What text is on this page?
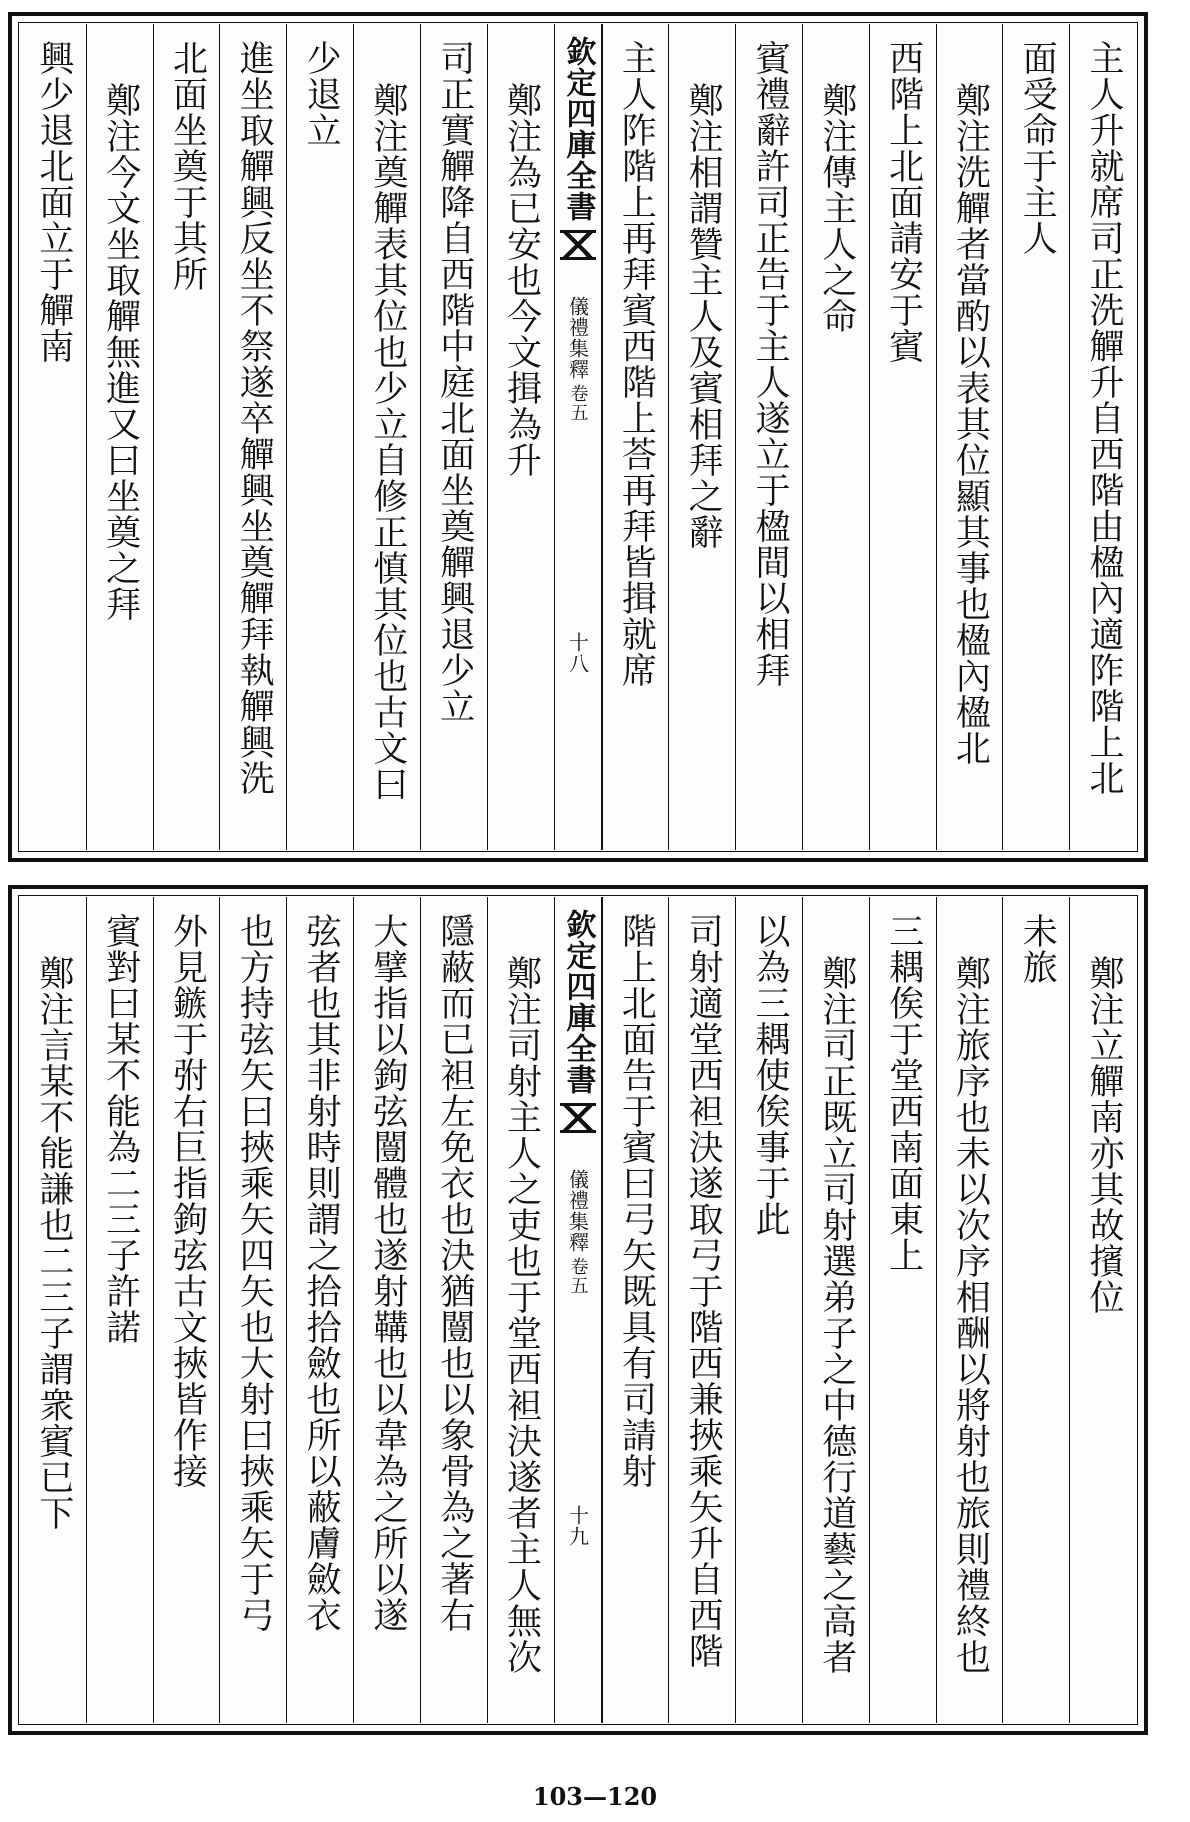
主人升就席司正洗觶升自西階由楹內適阼階上北
面受命于主人
鄭注洗觶者當酌以表其位顯其事也楹內楹北
西階上北面請安于賓
鄭注傳主人之命
賓禮辭許司正告于主人遂立于楹間以相拜
鄭注相謂贊主人及賓相拜之辭
主人阼階上再拜賓西階上荅再拜皆揖就席
欽定四庫全書
儀禮集釋
卷五
十八
鄭注為已安也今文揖為升
司正實觶降自西階中庭北面坐奠觶興退少立
鄭注奠觶表其位也少立自修正慎其位也古文曰
少退立
進坐取觶興反坐不祭遂卒觶興坐奠觶拜執觶興洗
北面坐奠于其所
鄭注今文坐取觶無進又曰坐奠之拜
興少退北面立于觶南
鄭注立觶南亦其故擯位
未旅
鄭注旅序也未以次序相酬以將射也旅則禮終也
三耦俟于堂西南面東上
鄭注司正既立司射選弟子之中德行道藝之高者
以為三耦使俟事于此
司射適堂西袒決遂取弓于階西兼挾乘矢升自西階
階上北面告于賓曰弓矢既具有司請射
欽定四庫全書
儀禮集釋
卷五
十九
鄭注司射主人之吏也于堂西袒決遂者主人無次
隱蔽而已袒左免衣也決猶闓也以象骨為之著右
大擘指以鉤弦闓體也遂射鞲也以韋為之所以遂
弦者也其非射時則謂之拾拾斂也所以蔽膚斂衣
也方持弦矢曰挾乘矢四矢也大射曰挾乘矢于弓
外見鏃于弣右巨指鉤弦古文挾皆作接
賓對曰某不能為二三子許諾
鄭注言某不能謙也二三子謂衆賓已下
103—120
